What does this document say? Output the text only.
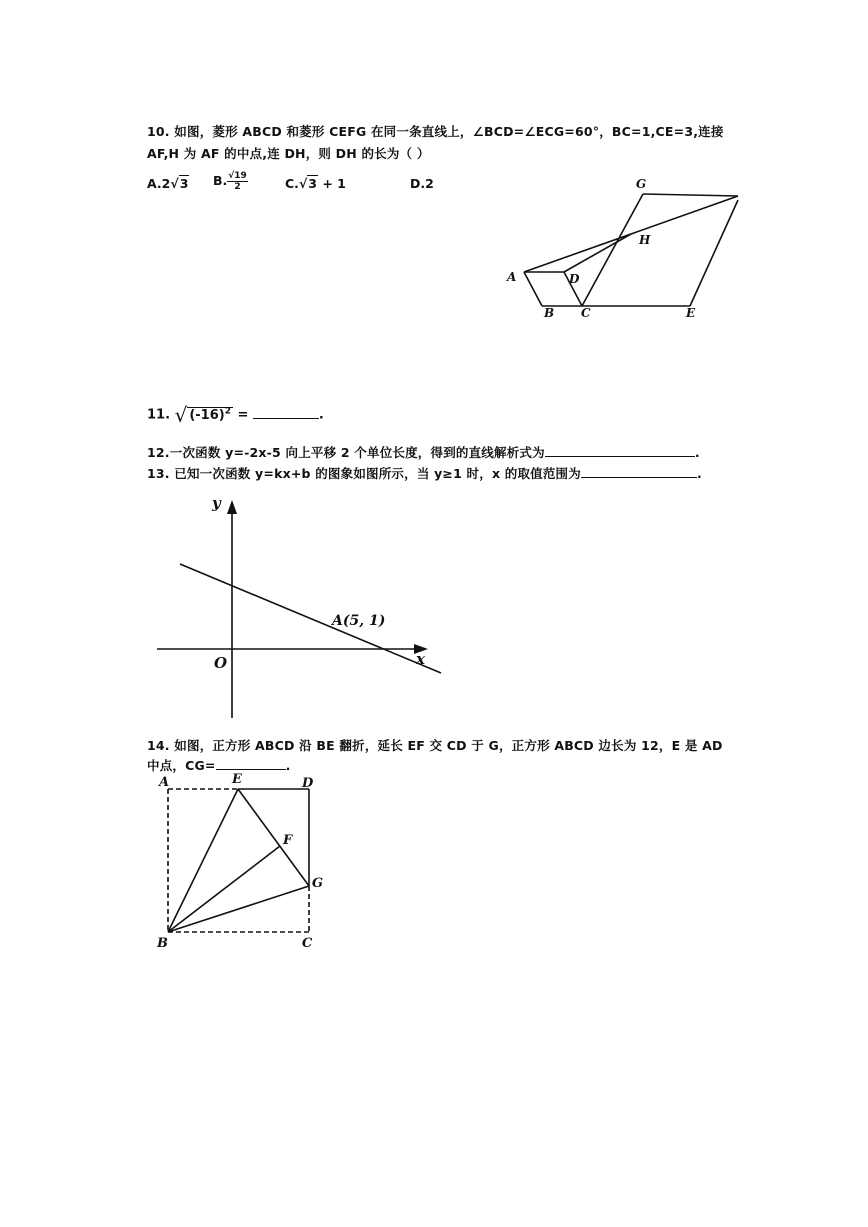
10. 如图，菱形 ABCD 和菱形 CEFG 在同一条直线上，∠BCD=∠ECG=60°，BC=1,CE=3,连接
AF,H 为 AF 的中点,连 DH，则 DH 的长为（ ）
A.2√3 B. $\frac{√19}{2}$	C.√3 + 1	D.2	G
H
A	D
B C	E
11. √ $(-16)^2$ =	.
12.一次函数 y=-2x-5 向上平移 2 个单位长度，得到的直线解析式为	.
13. 已知一次函数 y=kx+b 的图象如图所示，当 y≥1 时，x 的取值范围为	.
y
x
O
A(5, 1)
14. 如图，正方形 ABCD 沿 BE 翻折，延长 EF 交 CD 于 G，正方形 ABCD 边长为 12，E 是 AD
中点，CG=	.
A	E	D
F
G
B	C
